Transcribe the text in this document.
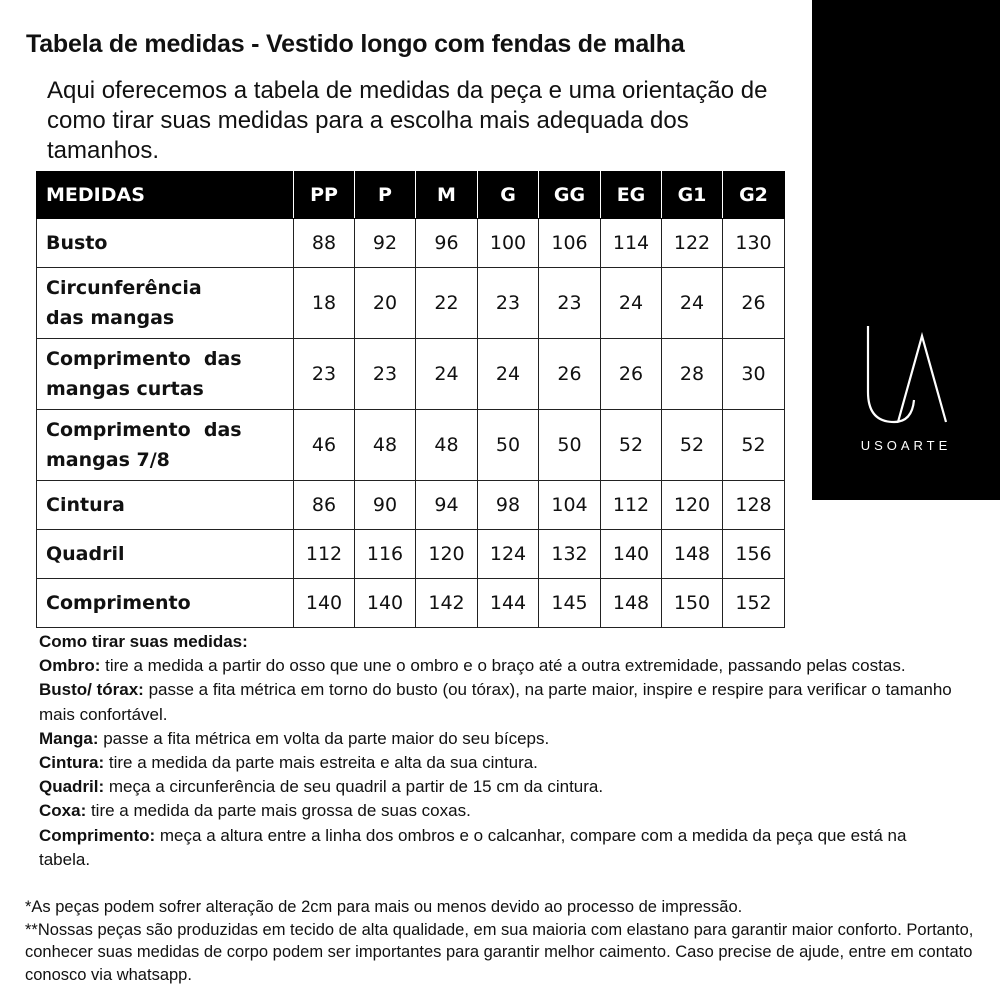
Tabela de medidas - Vestido longo com fendas de malha
Aqui oferecemos a tabela de medidas da peça e uma orientação de como tirar suas medidas para a escolha mais adequada dos tamanhos.
USOARTE
MEDIDAS	PP	P	M	G	GG	EG	G1	G2
Busto	88	92	96	100	106	114	122	130
Circunferência
das mangas	18	20	22	23	23	24	24	26
Comprimento  das
mangas curtas	23	23	24	24	26	26	28	30
Comprimento  das
mangas 7/8	46	48	48	50	50	52	52	52
Cintura	86	90	94	98	104	112	120	128
Quadril	112	116	120	124	132	140	148	156
Comprimento	140	140	142	144	145	148	150	152
Como tirar suas medidas:

Ombro: tire a medida a partir do osso que une o ombro e o braço até a outra extremidade, passando pelas costas.

Busto/ tórax: passe a fita métrica em torno do busto (ou tórax), na parte maior, inspire e respire para verificar o tamanho mais confortável.

Manga: passe a fita métrica em volta da parte maior do seu bíceps.

Cintura: tire a medida da parte mais estreita e alta da sua cintura.

Quadril: meça a circunferência de seu quadril a partir de 15 cm da cintura.

Coxa: tire a medida da parte mais grossa de suas coxas.

Comprimento: meça a altura entre a linha dos ombros e o calcanhar, compare com a medida da peça que está na tabela.

*As peças podem sofrer alteração de 2cm para mais ou menos devido ao processo de impressão.

**Nossas peças são produzidas em tecido de alta qualidade, em sua maioria com elastano para garantir maior conforto. Portanto, conhecer suas medidas de corpo podem ser importantes para garantir melhor caimento. Caso precise de ajude, entre em contato conosco via whatsapp.
